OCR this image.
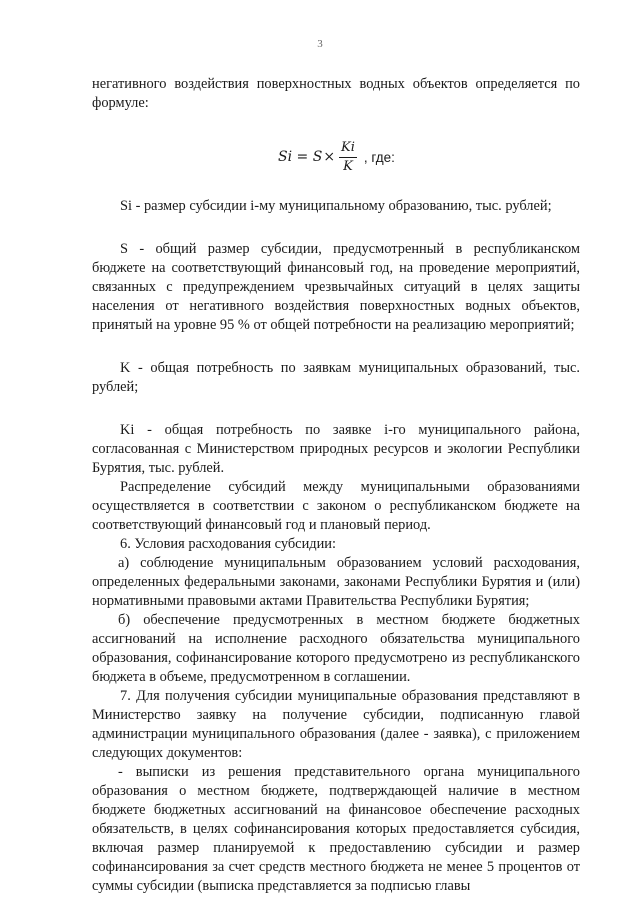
3

негативного воздействия поверхностных водных объектов определяется по формуле:

$Si = S \times \frac{Ki}{K}$ , где:

Si - размер субсидии i-му муниципальному образованию, тыс. рублей;

S - общий размер субсидии, предусмотренный в республиканском бюджете на соответствующий финансовый год, на проведение мероприятий, связанных с предупреждением чрезвычайных ситуаций в целях защиты населения от негативного воздействия поверхностных водных объектов, принятый на уровне 95 % от общей потребности на реализацию мероприятий;

K - общая потребность по заявкам муниципальных образований, тыс. рублей;

Ki - общая потребность по заявке i-го муниципального района, согласованная с Министерством природных ресурсов и экологии Республики Бурятия, тыс. рублей.

Распределение субсидий между муниципальными образованиями осуществляется в соответствии с законом о республиканском бюджете на соответствующий финансовый год и плановый период.

6. Условия расходования субсидии:

а) соблюдение муниципальным образованием условий расходования, определенных федеральными законами, законами Республики Бурятия и (или) нормативными правовыми актами Правительства Республики Бурятия;

б) обеспечение предусмотренных в местном бюджете бюджетных ассигнований на исполнение расходного обязательства муниципального образования, софинансирование которого предусмотрено из республиканского бюджета в объеме, предусмотренном в соглашении.

7. Для получения субсидии муниципальные образования представляют в Министерство заявку на получение субсидии, подписанную главой администрации муниципального образования (далее - заявка), с приложением следующих документов:

- выписки из решения представительного органа муниципального образования о местном бюджете, подтверждающей наличие в местном бюджете бюджетных ассигнований на финансовое обеспечение расходных обязательств, в целях софинансирования которых предоставляется субсидия, включая размер планируемой к предоставлению субсидии и размер софинансирования за счет средств местного бюджета не менее 5 процентов от суммы субсидии (выписка представляется за подписью главы
